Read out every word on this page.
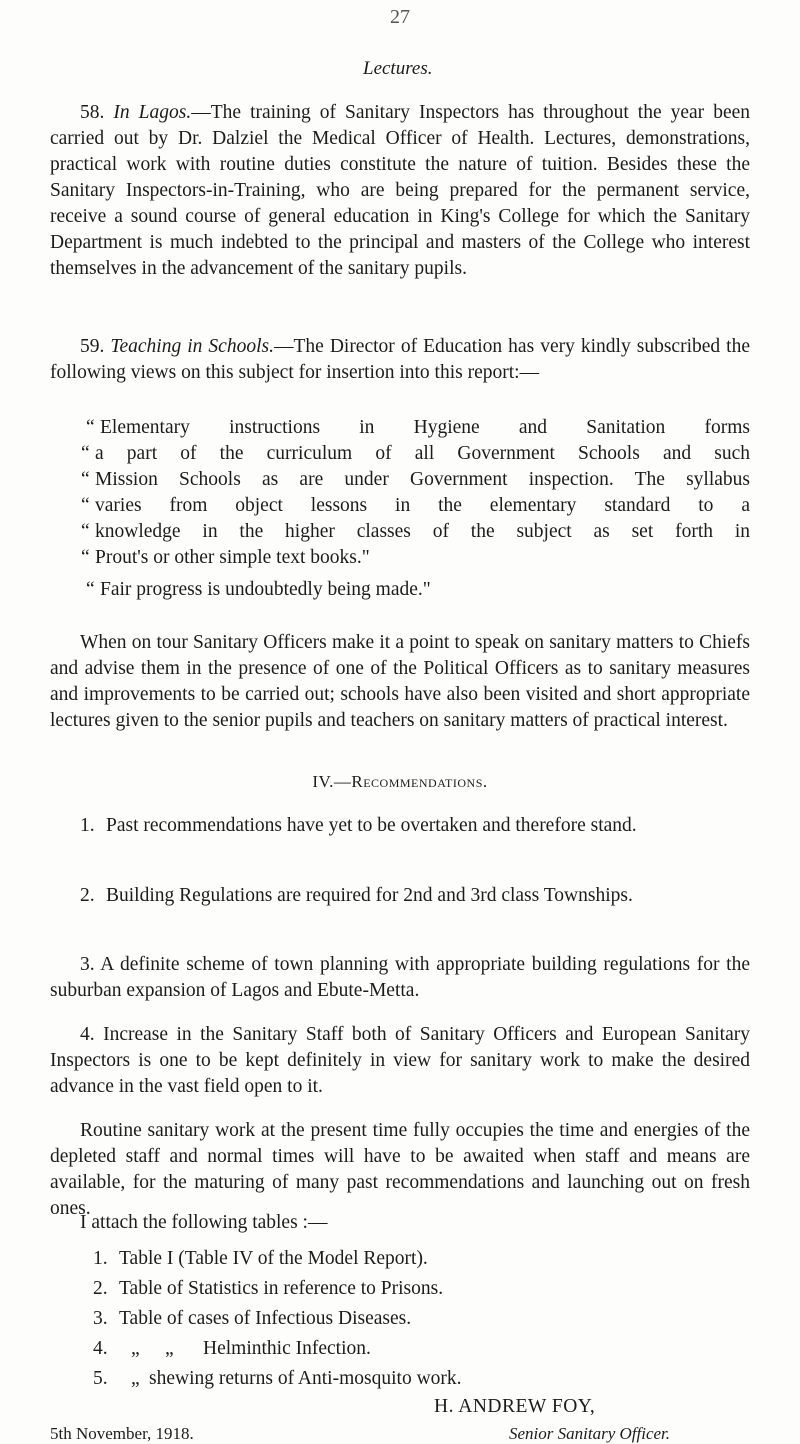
27
Lectures.

58. In Lagos.—The training of Sanitary Inspectors has throughout the year been carried out by Dr. Dalziel the Medical Officer of Health. Lectures, demonstrations, practical work with routine duties constitute the nature of tuition. Besides these the Sanitary Inspectors-in-Training, who are being prepared for the permanent service, receive a sound course of general education in King's College for which the Sanitary Department is much indebted to the principal and masters of the College who interest themselves in the advancement of the sanitary pupils.

59. Teaching in Schools.—The Director of Education has very kindly subscribed the following views on this subject for insertion into this report:—

“ Elementary instructions in Hygiene and Sanitation forms
“ a part of the curriculum of all Government Schools and such
“ Mission Schools as are under Government inspection. The syllabus
“ varies from object lessons in the elementary standard to a
“ knowledge in the higher classes of the subject as set forth in
“ Prout's or other simple text books."
“ Fair progress is undoubtedly being made."

When on tour Sanitary Officers make it a point to speak on sanitary matters to Chiefs and advise them in the presence of one of the Political Officers as to sanitary measures and improvements to be carried out; schools have also been visited and short appropriate lectures given to the senior pupils and teachers on sanitary matters of practical interest.

IV.—Recommendations.
1. Past recommendations have yet to be overtaken and therefore stand.
2. Building Regulations are required for 2nd and 3rd class Townships.

3. A definite scheme of town planning with appropriate building regulations for the suburban expansion of Lagos and Ebute-Metta.

4. Increase in the Sanitary Staff both of Sanitary Officers and European Sanitary Inspectors is one to be kept definitely in view for sanitary work to make the desired advance in the vast field open to it.

Routine sanitary work at the present time fully occupies the time and energies of the depleted staff and normal times will have to be awaited when staff and means are available, for the maturing of many past recommendations and launching out on fresh ones.

I attach the following tables :—
1. Table I (Table IV of the Model Report).
2. Table of Statistics in reference to Prisons.
3. Table of cases of Infectious Diseases.
4.	„	„	Helminthic Infection.
5.	„ shewing returns of Anti-mosquito work.
H. ANDREW FOY,
Senior Sanitary Officer.
5th November, 1918.
